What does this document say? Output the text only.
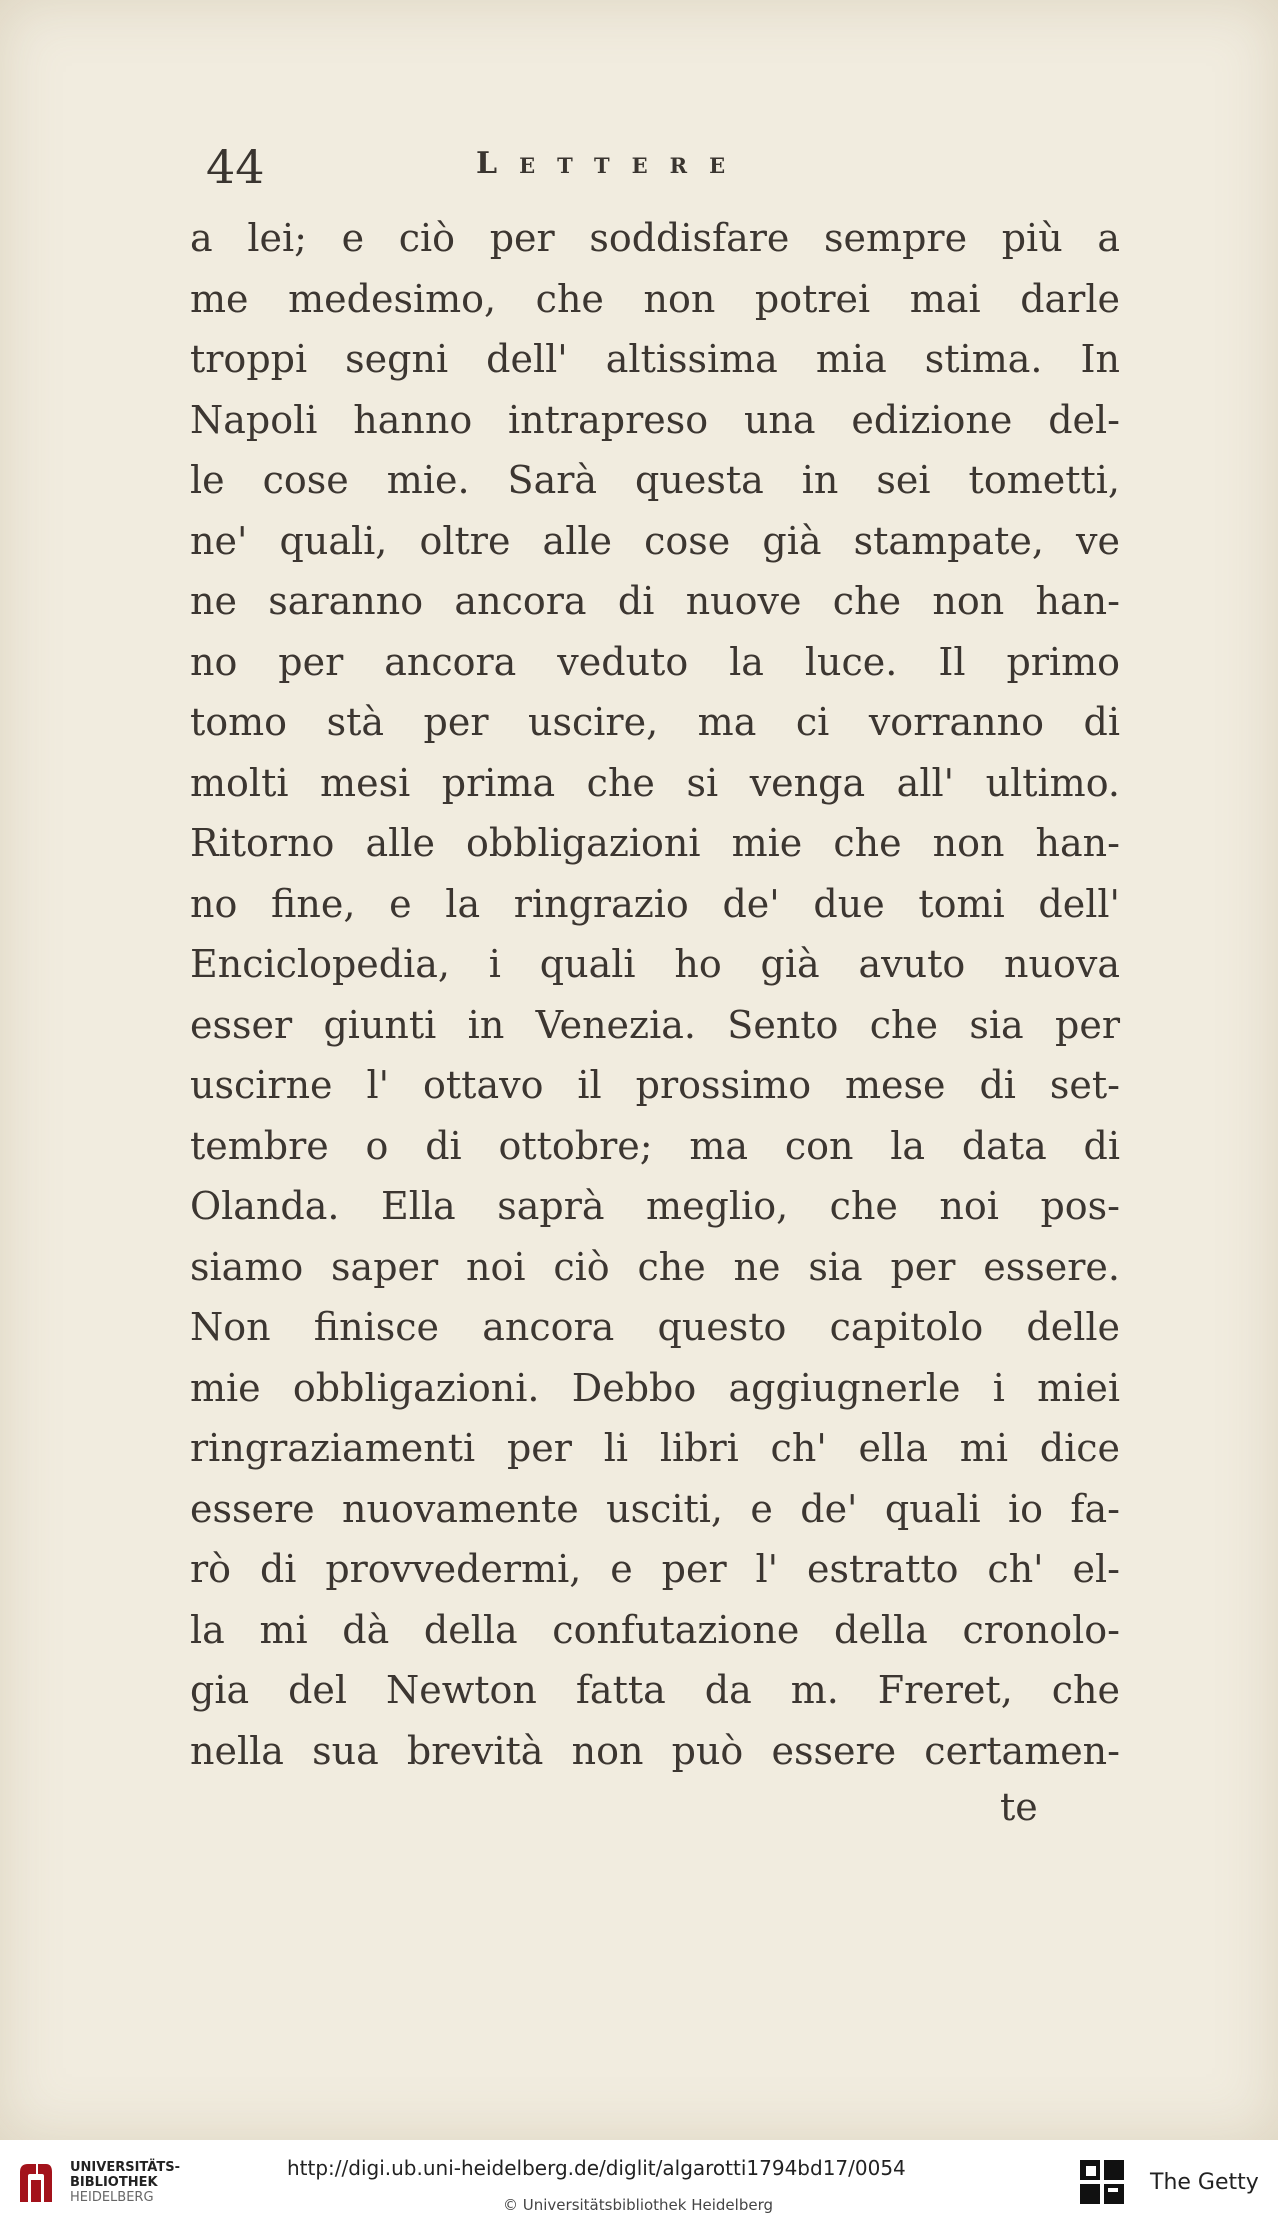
44	Lettere
a lei; e ciò per soddisfare sempre più a
me medesimo, che non potrei mai darle
troppi segni dell' altissima mia stima. In
Napoli hanno intrapreso una edizione del-
le cose mie. Sarà questa in sei tometti,
ne' quali, oltre alle cose già stampate, ve
ne saranno ancora di nuove che non han-
no per ancora veduto la luce. Il primo
tomo stà per uscire, ma ci vorranno di
molti mesi prima che si venga all' ultimo.
Ritorno alle obbligazioni mie che non han-
no fine, e la ringrazio de' due tomi dell'
Enciclopedia, i quali ho già avuto nuova
esser giunti in Venezia. Sento che sia per
uscirne l' ottavo il prossimo mese di set-
tembre o di ottobre; ma con la data di
Olanda. Ella saprà meglio, che noi pos-
siamo saper noi ciò che ne sia per essere.
Non finisce ancora questo capitolo delle
mie obbligazioni. Debbo aggiugnerle i miei
ringraziamenti per li libri ch' ella mi dice
essere nuovamente usciti, e de' quali io fa-
rò di provvedermi, e per l' estratto ch' el-
la mi dà della confutazione della cronolo-
gia del Newton fatta da m. Freret, che
nella sua brevità non può essere certamen-
te
UNIVERSITÄTS-
BIBLIOTHEK
HEIDELBERG
http://digi.ub.uni-heidelberg.de/diglit/algarotti1794bd17/0054
© Universitätsbibliothek Heidelberg
The Getty
